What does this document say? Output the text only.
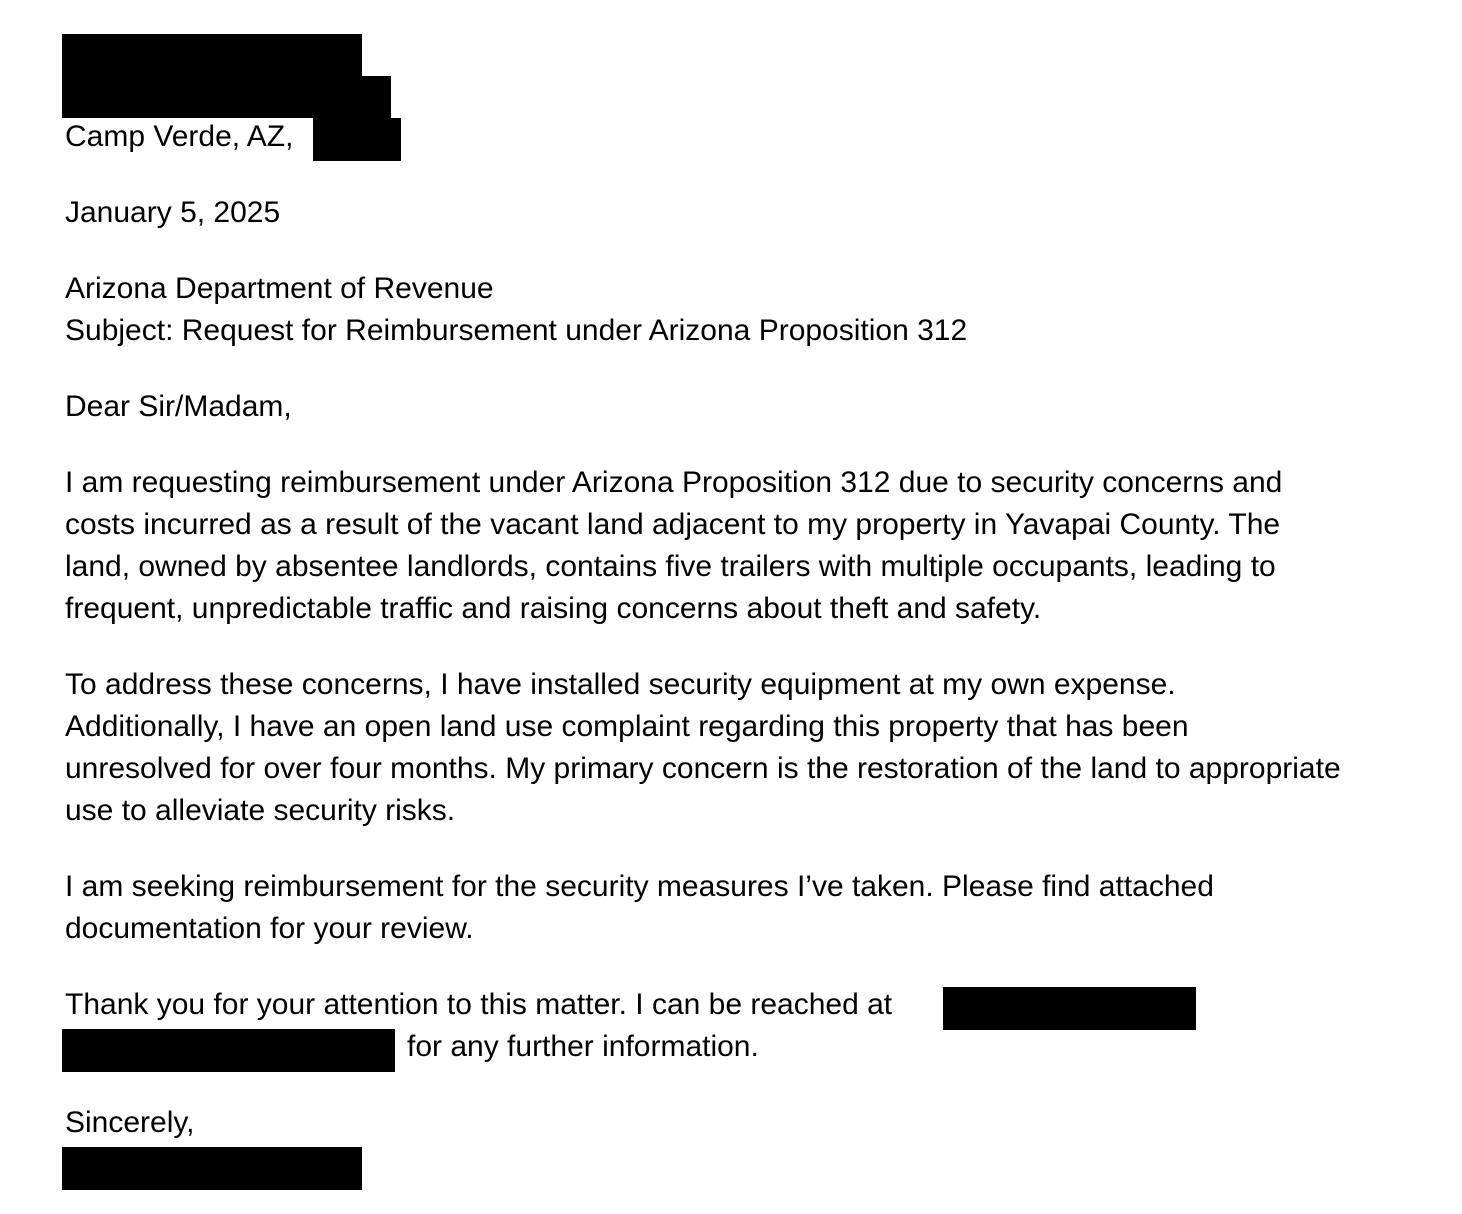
Camp Verde, AZ,
January 5, 2025
Arizona Department of Revenue
Subject: Request for Reimbursement under Arizona Proposition 312
Dear Sir/Madam,
I am requesting reimbursement under Arizona Proposition 312 due to security concerns and
costs incurred as a result of the vacant land adjacent to my property in Yavapai County. The
land, owned by absentee landlords, contains five trailers with multiple occupants, leading to
frequent, unpredictable traffic and raising concerns about theft and safety.
To address these concerns, I have installed security equipment at my own expense.
Additionally, I have an open land use complaint regarding this property that has been
unresolved for over four months. My primary concern is the restoration of the land to appropriate
use to alleviate security risks.
I am seeking reimbursement for the security measures I’ve taken. Please find attached
documentation for your review.
Thank you for your attention to this matter. I can be reached at
for any further information.
Sincerely,
